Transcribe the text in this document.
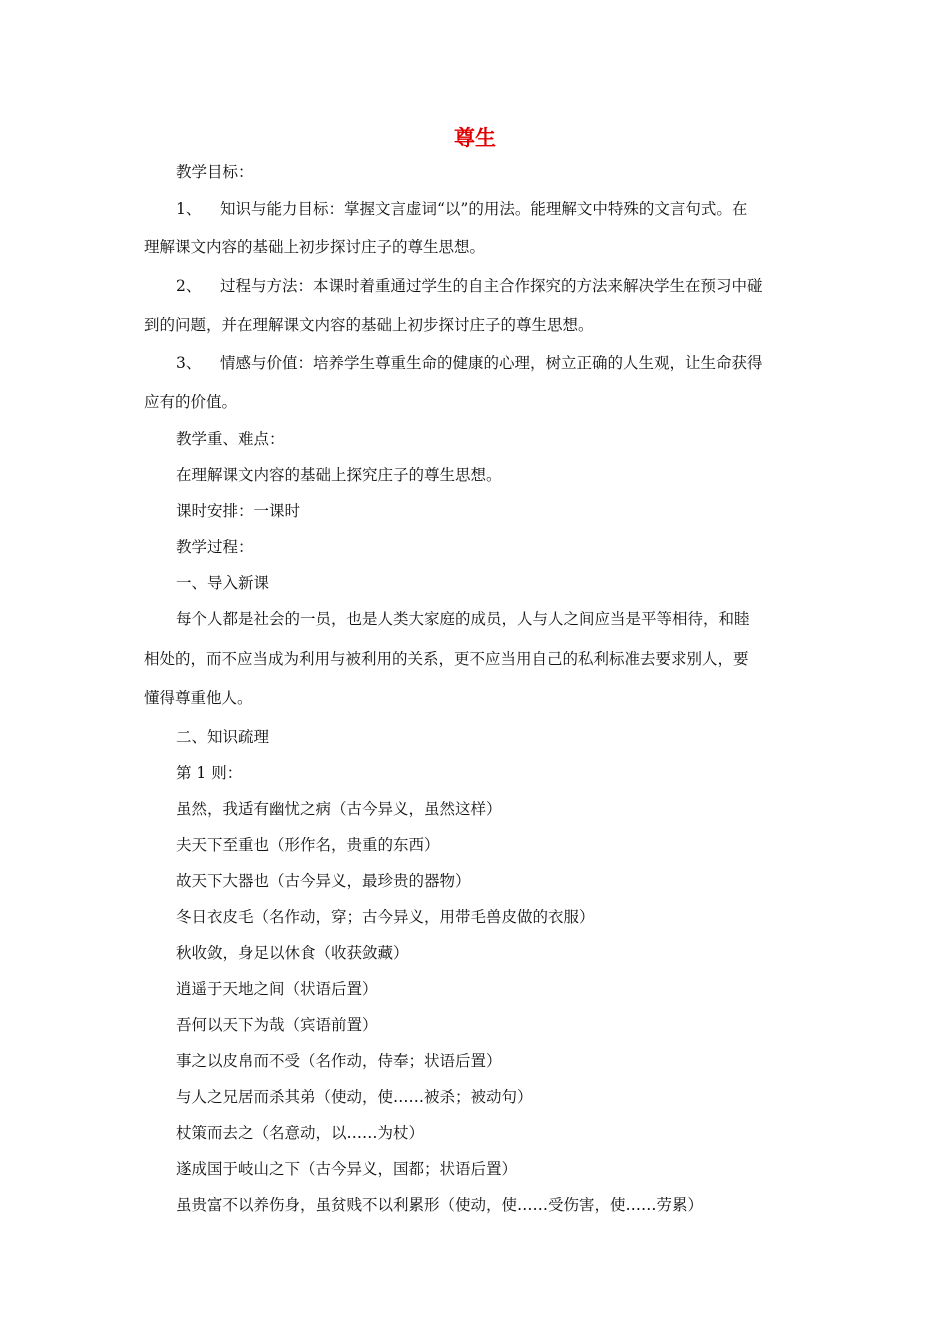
尊生
教学目标：
1、 知识与能力目标：掌握文言虚词“以”的用法。能理解文中特殊的文言句式。在
理解课文内容的基础上初步探讨庄子的尊生思想。
2、 过程与方法：本课时着重通过学生的自主合作探究的方法来解决学生在预习中碰
到的问题，并在理解课文内容的基础上初步探讨庄子的尊生思想。
3、 情感与价值：培养学生尊重生命的健康的心理，树立正确的人生观，让生命获得
应有的价值。
教学重、难点：
在理解课文内容的基础上探究庄子的尊生思想。
课时安排：一课时
教学过程：
一、导入新课
每个人都是社会的一员，也是人类大家庭的成员，人与人之间应当是平等相待，和睦
相处的，而不应当成为利用与被利用的关系，更不应当用自己的私利标准去要求别人，要
懂得尊重他人。
二、知识疏理
第 1 则：
虽然，我适有幽忧之病（古今异义，虽然这样）
夫天下至重也（形作名，贵重的东西）
故天下大器也（古今异义，最珍贵的器物）
冬日衣皮毛（名作动，穿；古今异义，用带毛兽皮做的衣服）
秋收敛，身足以休食（收获敛藏）
逍遥于天地之间（状语后置）
吾何以天下为哉（宾语前置）
事之以皮帛而不受（名作动，侍奉；状语后置）
与人之兄居而杀其弟（使动，使……被杀；被动句）
杖策而去之（名意动，以……为杖）
遂成国于岐山之下（古今异义，国都；状语后置）
虽贵富不以养伤身，虽贫贱不以利累形（使动，使……受伤害，使……劳累）
